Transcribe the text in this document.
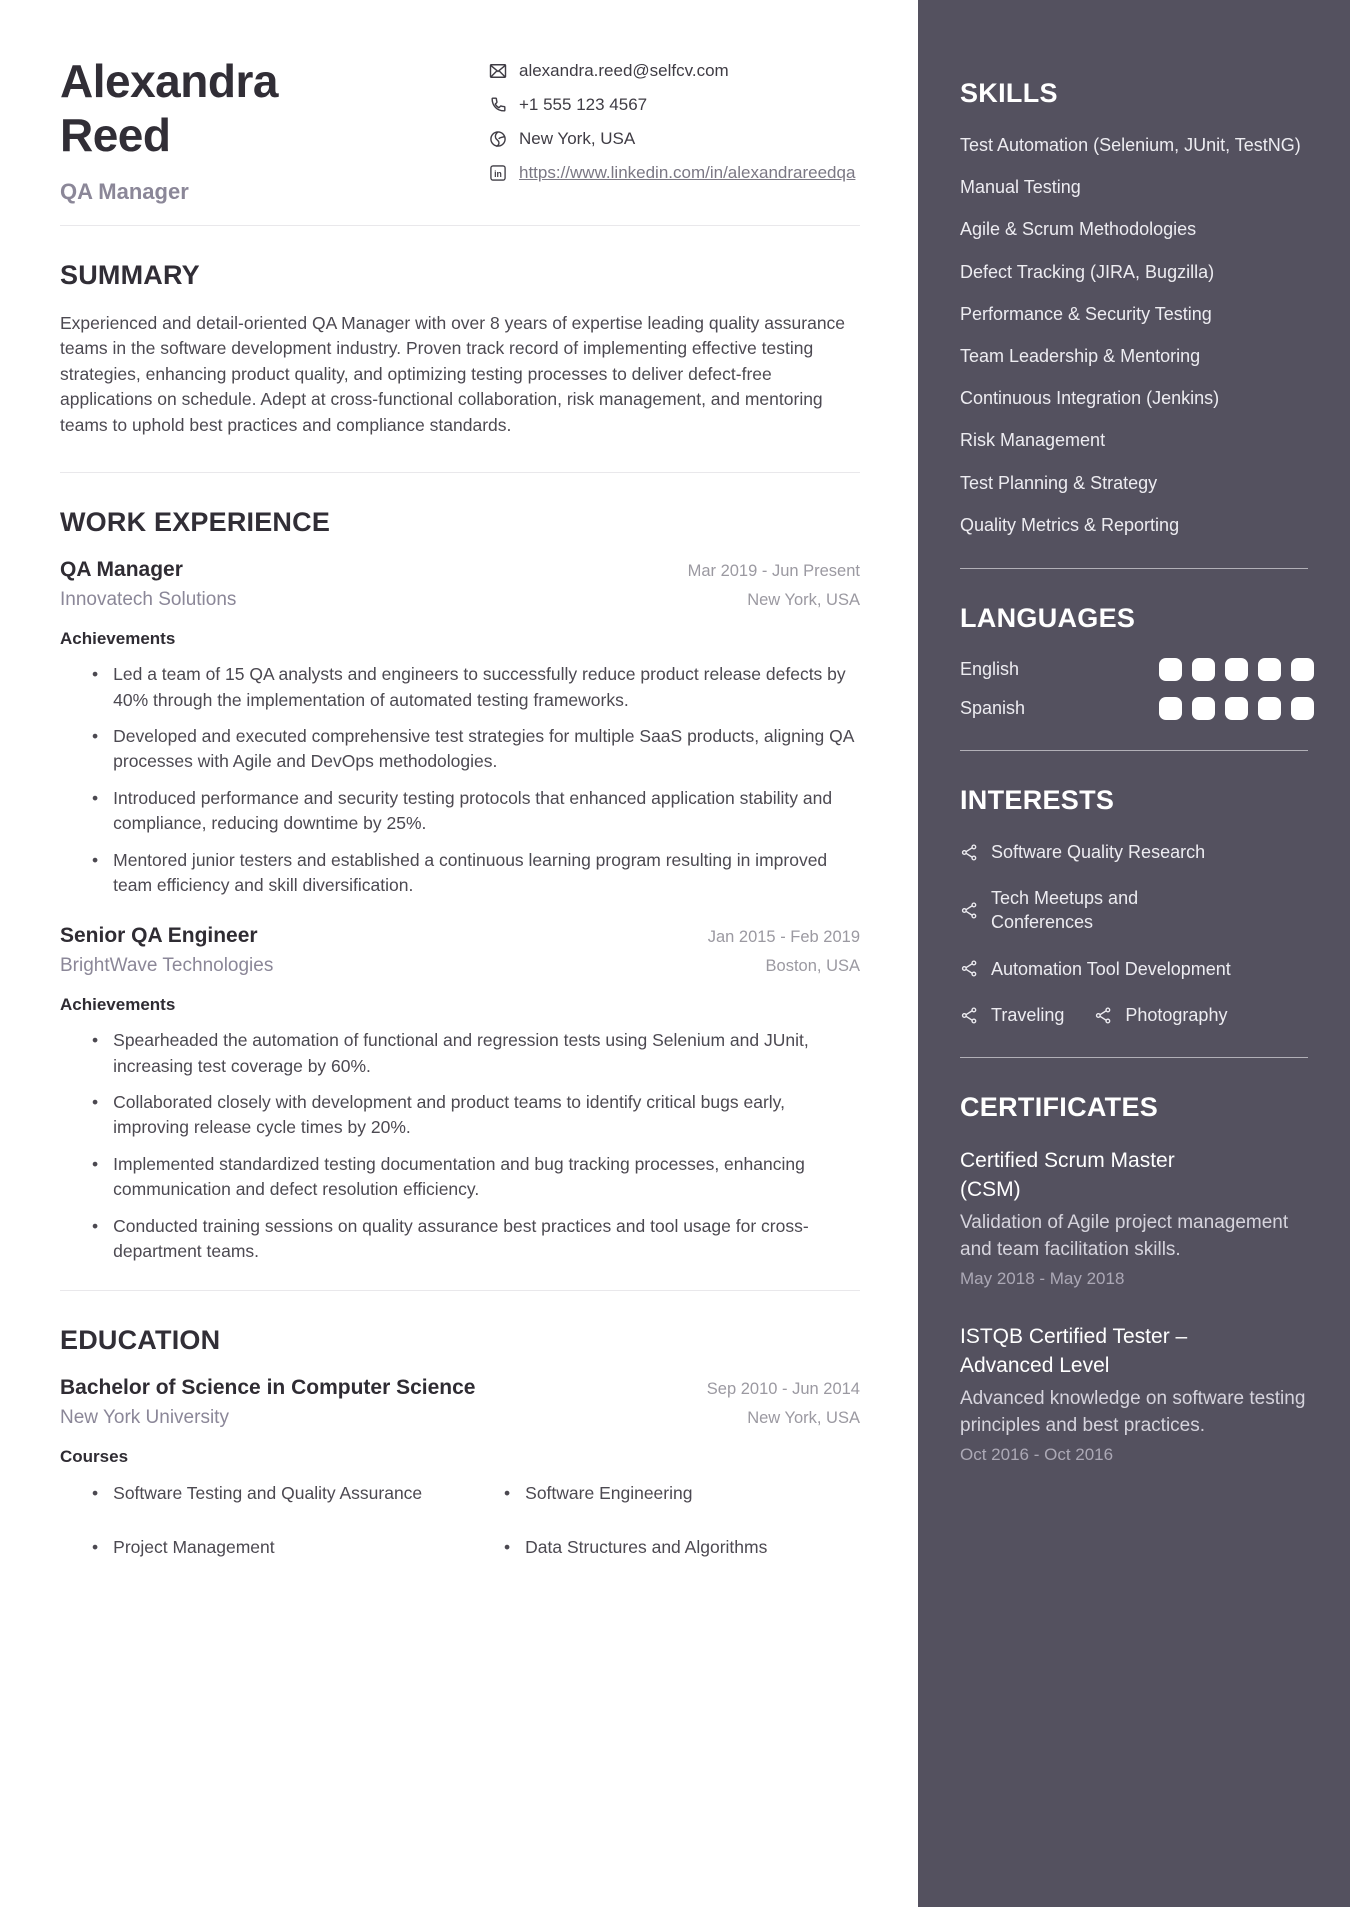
Alexandra Reed
QA Manager
alexandra.reed@selfcv.com
+1 555 123 4567
New York, USA
in https://www.linkedin.com/in/alexandrareedqa
SUMMARY

Experienced and detail-oriented QA Manager with over 8 years of expertise leading quality assurance teams in the software development industry. Proven track record of implementing effective testing strategies, enhancing product quality, and optimizing testing processes to deliver defect-free applications on schedule. Adept at cross-functional collaboration, risk management, and mentoring teams to uphold best practices and compliance standards.

WORK EXPERIENCE
QA Manager	Mar 2019 - Jun Present
Innovatech Solutions	New York, USA
Achievements
• Led a team of 15 QA analysts and engineers to successfully reduce product release defects by 40% through the implementation of automated testing frameworks.
• Developed and executed comprehensive test strategies for multiple SaaS products, aligning QA processes with Agile and DevOps methodologies.
• Introduced performance and security testing protocols that enhanced application stability and compliance, reducing downtime by 25%.
• Mentored junior testers and established a continuous learning program resulting in improved team efficiency and skill diversification.
Senior QA Engineer	Jan 2015 - Feb 2019
BrightWave Technologies	Boston, USA
Achievements
• Spearheaded the automation of functional and regression tests using Selenium and JUnit, increasing test coverage by 60%.
• Collaborated closely with development and product teams to identify critical bugs early, improving release cycle times by 20%.
• Implemented standardized testing documentation and bug tracking processes, enhancing communication and defect resolution efficiency.
• Conducted training sessions on quality assurance best practices and tool usage for cross-department teams.
EDUCATION
Bachelor of Science in Computer Science	Sep 2010 - Jun 2014
New York University	New York, USA
Courses
• Software Testing and Quality Assurance	• Software Engineering
• Project Management	• Data Structures and Algorithms
SKILLS
Test Automation (Selenium, JUnit, TestNG)
Manual Testing
Agile & Scrum Methodologies
Defect Tracking (JIRA, Bugzilla)
Performance & Security Testing
Team Leadership & Mentoring
Continuous Integration (Jenkins)
Risk Management
Test Planning & Strategy
Quality Metrics & Reporting
LANGUAGES
English
Spanish
INTERESTS
Software Quality Research
Tech Meetups and Conferences
Automation Tool Development
Traveling	Photography
CERTIFICATES
Certified Scrum Master (CSM)
Validation of Agile project management and team facilitation skills.
May 2018 - May 2018
ISTQB Certified Tester – Advanced Level
Advanced knowledge on software testing principles and best practices.
Oct 2016 - Oct 2016
